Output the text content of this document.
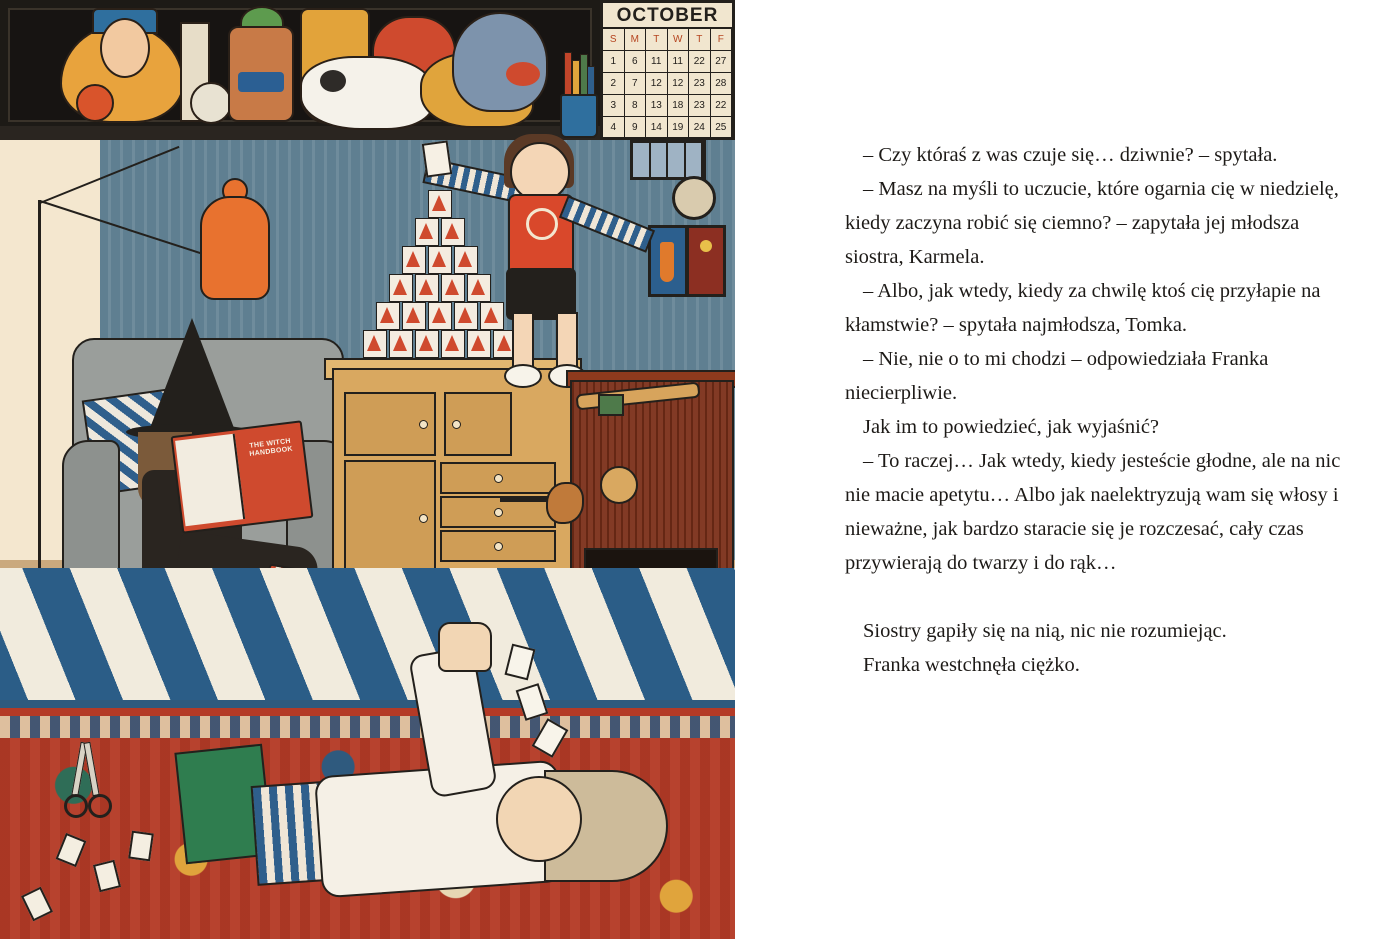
OCTOBER
S	M	T	W	T	F
1	6	11	11	22	27
2	7	12	12	23	28
3	8	13	18	23	22
4	9	14	19	24	25
THE WITCH HANDBOOK

– Czy któraś z was czuje się… dziwnie? – spytała.

– Masz na myśli to uczucie, które ogarnia cię w niedzielę, kiedy zaczyna robić się ciemno? – zapytała jej młodsza siostra, Karmela.

– Albo, jak wtedy, kiedy za chwilę ktoś cię przyłapie na kłamstwie? – spytała najmłodsza, Tomka.

– Nie, nie o to mi chodzi – odpowiedziała Franka niecierpliwie.

Jak im to powiedzieć, jak wyjaśnić?

– To raczej… Jak wtedy, kiedy jesteście głodne, ale na nic nie macie apetytu… Albo jak naelektryzują wam się włosy i nieważne, jak bardzo staracie się je rozczesać, cały czas przywierają do twarzy i do rąk…

Siostry gapiły się na nią, nic nie rozumiejąc.

Franka westchnęła ciężko.
